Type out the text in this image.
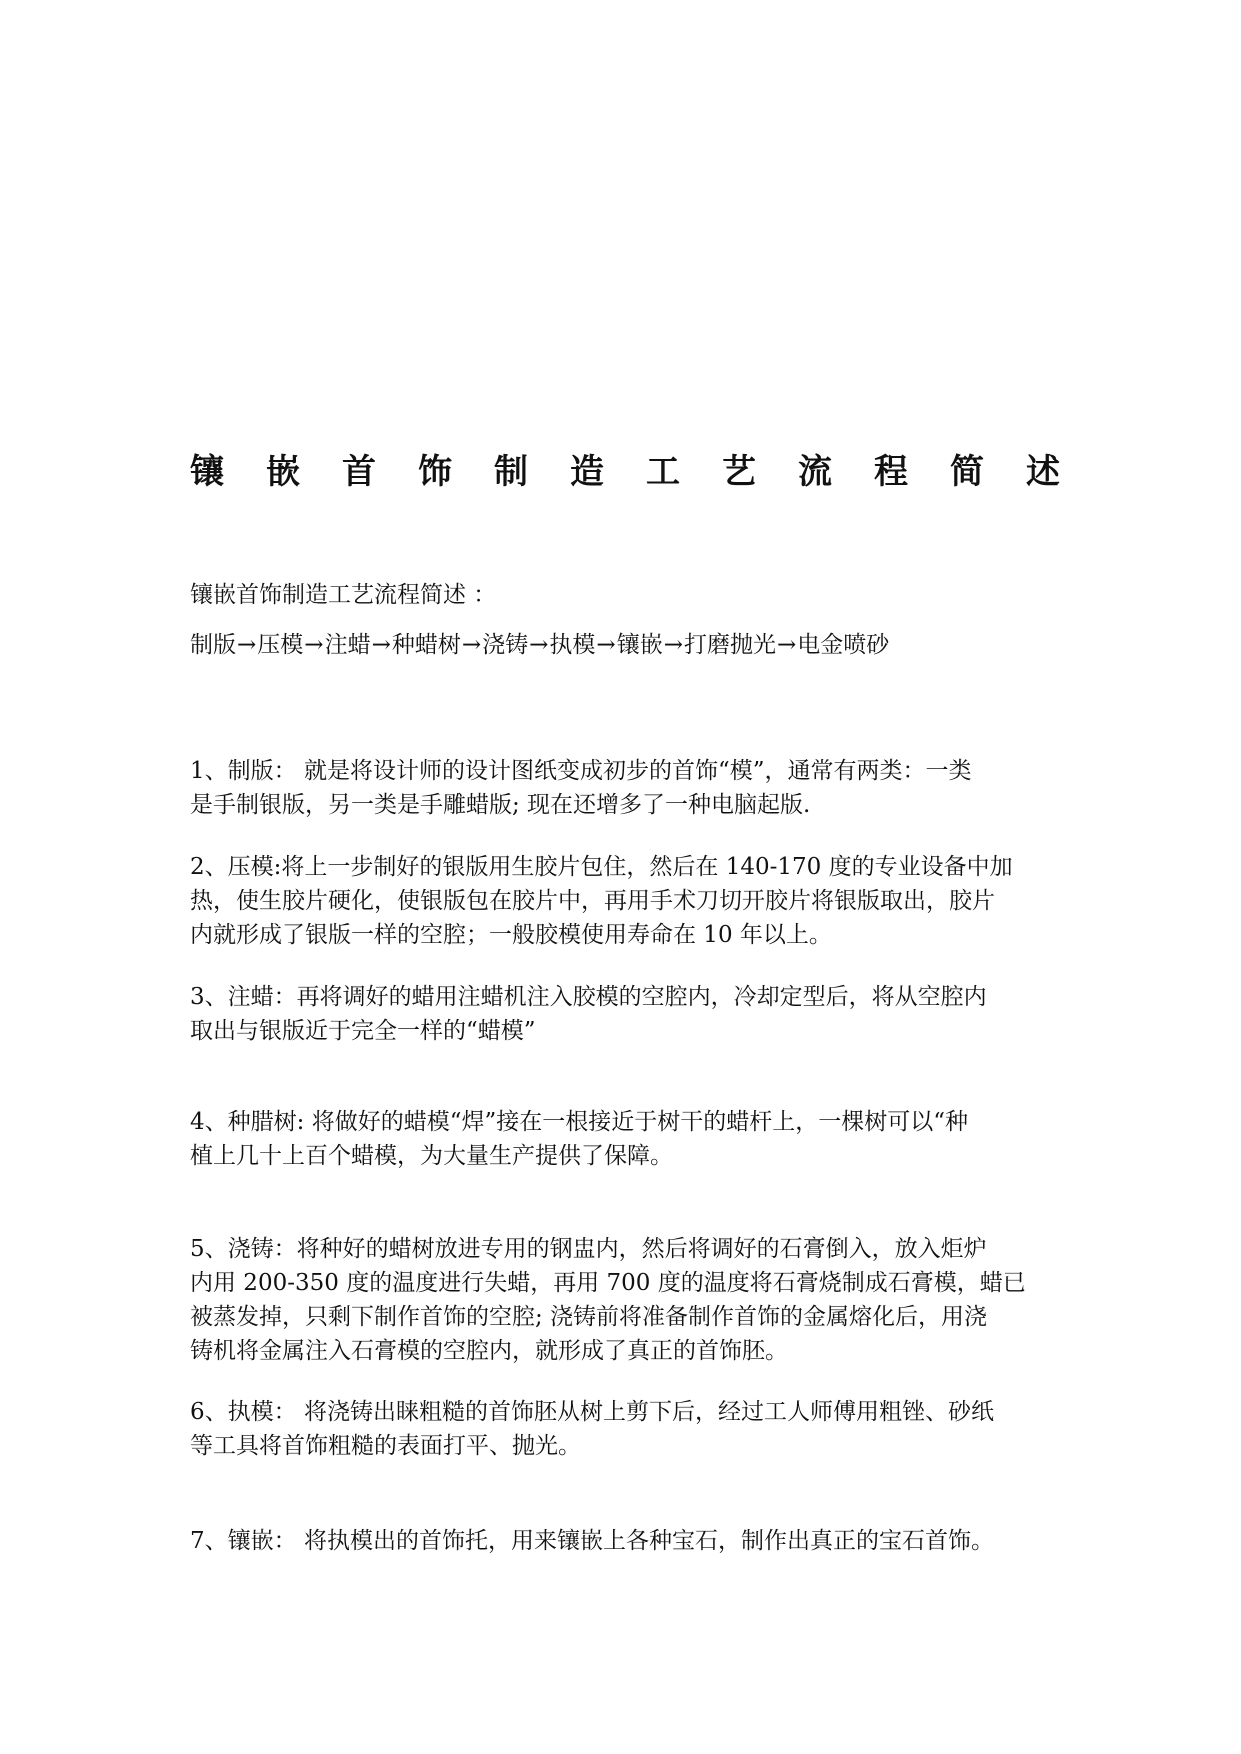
镶 嵌 首 饰 制 造 工 艺 流 程 简 述

镶嵌首饰制造工艺流程简述 ：

制版→压模→注蜡→种蜡树→浇铸→执模→镶嵌→打磨抛光→电金喷砂

1、制版： 就是将设计师的设计图纸变成初步的首饰“模”，通常有两类：一类
是手制银版，另一类是手雕蜡版; 现在还增多了一种电脑起版.
2、压模:将上一步制好的银版用生胶片包住，然后在 140-170 度的专业设备中加
热，使生胶片硬化，使银版包在胶片中，再用手术刀切开胶片将银版取出，胶片
内就形成了银版一样的空腔；一般胶模使用寿命在 10 年以上。
3、注蜡：再将调好的蜡用注蜡机注入胶模的空腔内，冷却定型后，将从空腔内
取出与银版近于完全一样的“蜡模”
4、种腊树: 将做好的蜡模“焊”接在一根接近于树干的蜡杆上，一棵树可以“种
植上几十上百个蜡模，为大量生产提供了保障。
5、浇铸：将种好的蜡树放进专用的钢盅内，然后将调好的石膏倒入，放入炬炉
内用 200-350 度的温度进行失蜡，再用 700 度的温度将石膏烧制成石膏模，蜡已
被蒸发掉，只剩下制作首饰的空腔; 浇铸前将准备制作首饰的金属熔化后，用浇
铸机将金属注入石膏模的空腔内，就形成了真正的首饰胚。
6、执模： 将浇铸出睐粗糙的首饰胚从树上剪下后，经过工人师傅用粗锉、砂纸
等工具将首饰粗糙的表面打平、抛光。
7、镶嵌： 将执模出的首饰托，用来镶嵌上各种宝石，制作出真正的宝石首饰。
